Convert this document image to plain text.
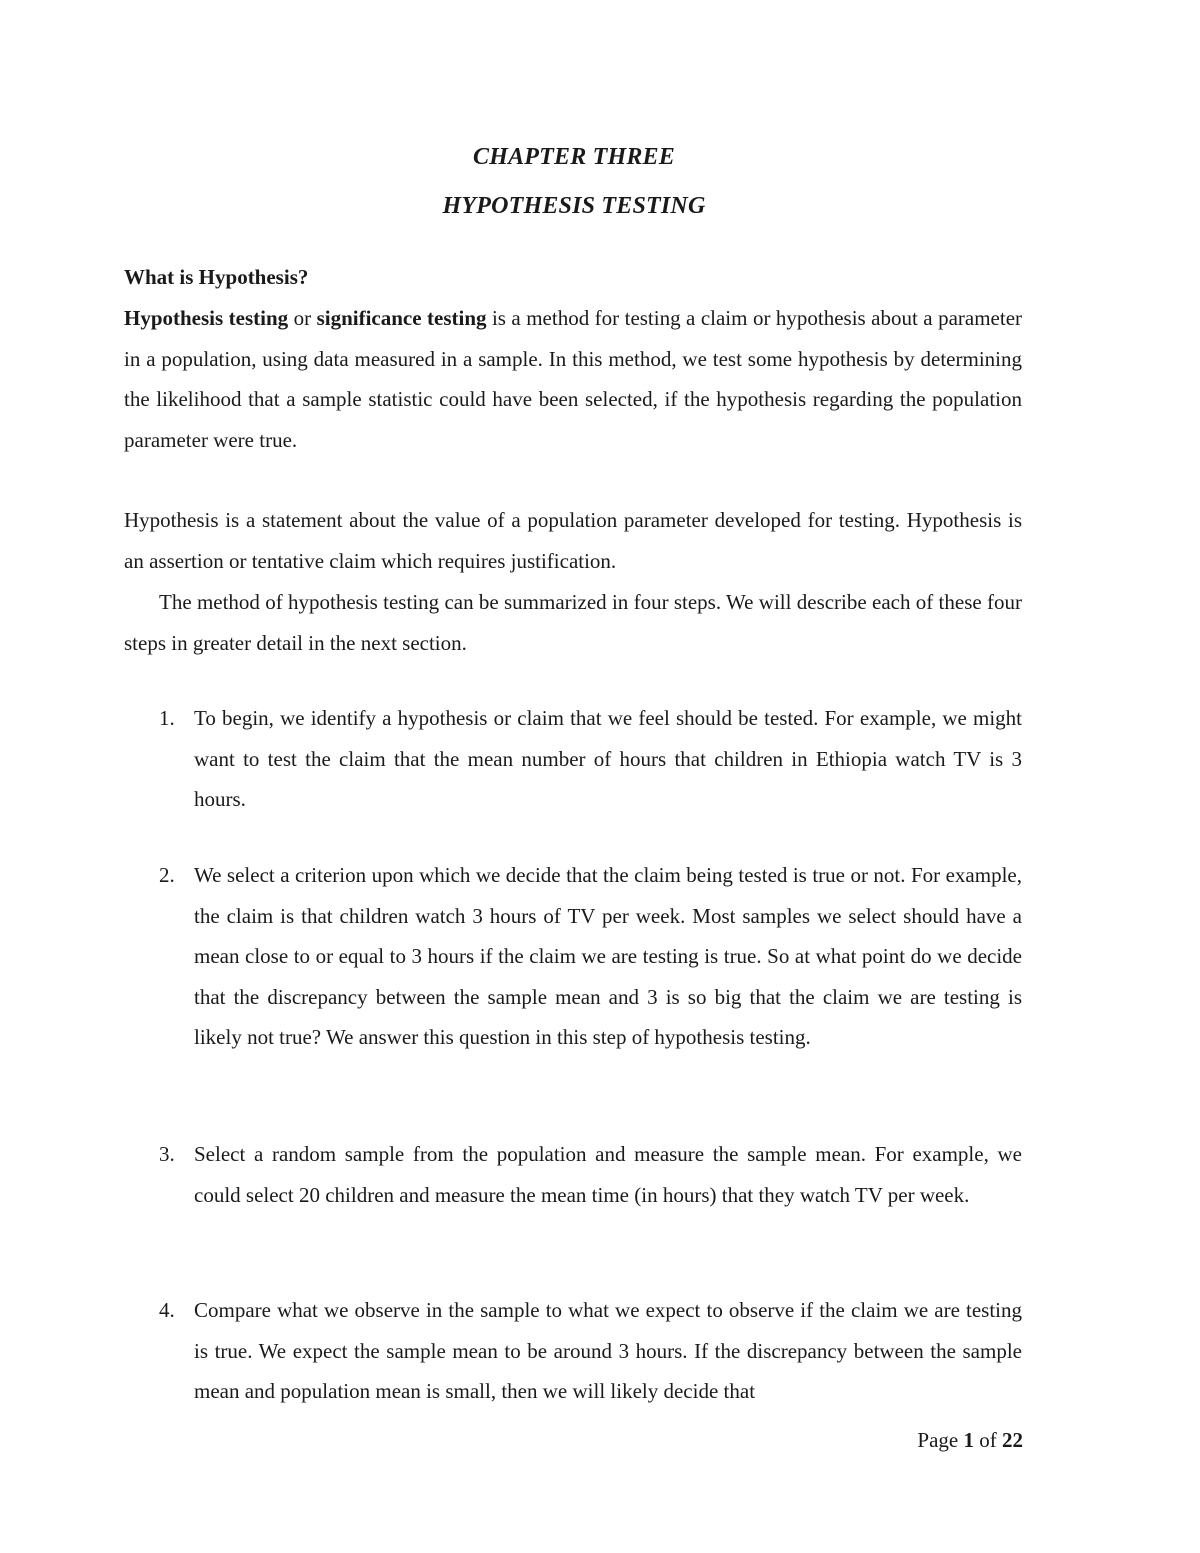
CHAPTER THREE
HYPOTHESIS TESTING
What is Hypothesis?
Hypothesis testing or significance testing is a method for testing a claim or hypothesis about a parameter in a population, using data measured in a sample. In this method, we test some hypothesis by determining the likelihood that a sample statistic could have been selected, if the hypothesis regarding the population parameter were true.
Hypothesis is a statement about the value of a population parameter developed for testing. Hypothesis is an assertion or tentative claim which requires justification.
The method of hypothesis testing can be summarized in four steps. We will describe each of these four steps in greater detail in the next section.
1. To begin, we identify a hypothesis or claim that we feel should be tested. For example, we might want to test the claim that the mean number of hours that children in Ethiopia watch TV is 3 hours.
2. We select a criterion upon which we decide that the claim being tested is true or not. For example, the claim is that children watch 3 hours of TV per week. Most samples we select should have a mean close to or equal to 3 hours if the claim we are testing is true. So at what point do we decide that the discrepancy between the sample mean and 3 is so big that the claim we are testing is likely not true? We answer this question in this step of hypothesis testing.
3. Select a random sample from the population and measure the sample mean. For example, we could select 20 children and measure the mean time (in hours) that they watch TV per week.
4. Compare what we observe in the sample to what we expect to observe if the claim we are testing is true. We expect the sample mean to be around 3 hours. If the discrepancy between the sample mean and population mean is small, then we will likely decide that
Page 1 of 22
